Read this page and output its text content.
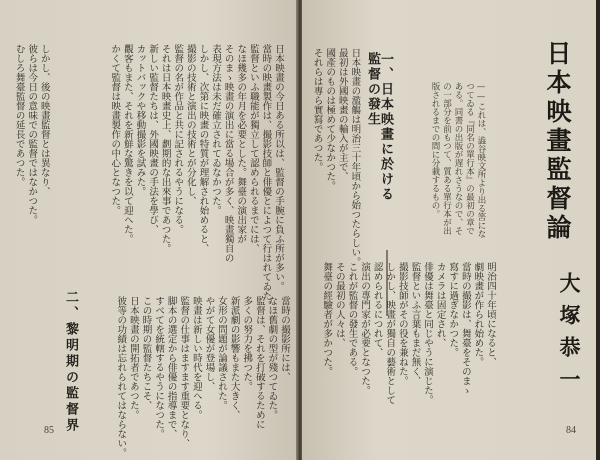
日本映畫の今日ある所以は、監督の手腕に負ふ所が多い。

當時の映畫製作は、撮影技師と俳優とによつて行はれてゐた。

監督といふ職能が獨立して認められるまでには、

なほ幾多の年月を必要とした。舞臺の演出家が

そのまゝ映畫の演出に當る場合が多く、映畫獨自の

表現方法は未だ確立されてゐなかつた。

しかし、次第に映畫の特質が理解され始めると、

撮影の技術と演出の技術とが分化し、

監督の名が作品と共に記されるやうになる。

それは日本映畫史上、劃期的な出來事であつた。

新しい監督たちは、外國映畫の手法を學び、

カットバックや移動撮影を試みた。

觀客もまた、それを新鮮な驚きを以て迎へた。

かくて監督は映畫製作の中心となつた。

二、黎明期の監督界	當時の撮影所には、

なほ舊劇の型が殘つてゐた。

監督は、それを打破するために

多くの努力を拂つた。

新派劇の影響もまた大きく、

女形の問題が論議された。

やがて女優が登場し、

映畫は新しい時代を迎へる。

監督の仕事はますます重要となり、

脚本の選定から俳優の指導まで、

すべてを統轄するやうになつた。

この時期の監督たちこそ、

日本映畫の開拓者であつた。

彼等の功績は忘れられてはならない。

しかし、後の映畫監督とは異なり、

彼らは今日の意味での監督ではなかつた。

むしろ舞臺監督の延長であつた。

85
日本映畫監督論
大塚恭一
——これは、澁谷映文所より出る筈になつてゐる『同名の單行本』の最初の章である。同書の出版が遅れさうなので、その一部分を前もつて、質ある單行本が出版されるまでの間に分載するもの。
一、日本映畫に於ける監督の發生

日本映畫の濫觴は明治三十年頃から始つたらしい。

最初は外國映畫の輸入が主で、

國產のものは極めて少なかつた。

それらは專ら實寫であつた。

明治四十年頃になると、

劇映畫が作られ始めた。

當時の撮影は、舞臺をそのまゝ

寫すに過ぎなかつた。

カメラは固定され、

俳優は舞臺と同じやうに演じた。

監督といふ言葉もまだ無く、

撮影技師がその役を兼ねた。

しかし、映畫が獨自の藝術として

認められるにつれて、

演出の專門家が必要となつた。

これが監督の發生である。

その最初の人々は、

舞臺の經驗者が多かつた。

84
